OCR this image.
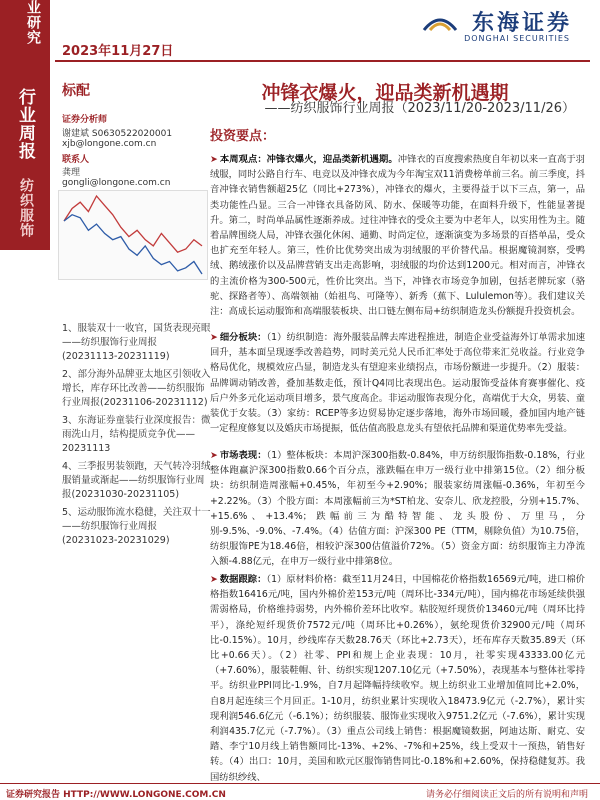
业研究
行业周报
纺织服饰
2023年11月27日
东海证券
DONGHAI SECURITIES
标配	冲锋衣爆火，迎品类新机遇期
——纺织服饰行业周报（2023/11/20-2023/11/26）
证券分析师
谢建斌 S0630522020001
xjb@longone.com.cn
联系人
龚理
gongli@longone.com.cn
1、服装双十一收官，国货表现亮眼——纺织服饰行业周报(20231113-20231119)
2、部分海外品牌亚太地区引领收入增长，库存环比改善——纺织服饰行业周报(20231106-20231112)
3、东海证券童装行业深度报告：微雨洗山月，结构提质竞争优——20231113
4、三季报男装领跑，天气转冷羽绒服销量或渐起——纺织服饰行业周报(20231030-20231105)
5、运动服饰流水稳健，关注双十一——纺织服饰行业周报(20231023-20231029)
投资要点：
➤ 本周观点：冲锋衣爆火，迎品类新机遇期。冲锋衣的百度搜索热度自年初以来一直高于羽绒服，同时公路自行车、电竞以及冲锋衣成为今年淘宝双11消费榜单前三名。前三季度，抖音冲锋衣销售额超25亿（同比+273%），冲锋衣的爆火，主要得益于以下三点，第一，品类功能性凸显。三合一冲锋衣具备防风、防水、保暖等功能，在面料升级下，性能显著提升。第二，时尚单品属性逐渐养成。过往冲锋衣的受众主要为中老年人，以实用性为主。随着品牌围绕人局，冲锋衣强化休闲、通勤、时尚定位，逐渐演变为多场景的百搭单品，受众也扩充至年轻人。第三，性价比优势突出成为羽绒服的平价替代品。根据魔镜洞察，受鸭绒、鹅绒涨价以及品牌营销支出走高影响，羽绒服的均价达到1200元。相对而言，冲锋衣的主流价格为300-500元，性价比突出。当下，冲锋衣市场竞争加剧，包括老牌玩家（骆驼、探路者等）、高端领袖（始祖鸟、可隆等）、新秀（蕉下、Lululemon等）。我们建议关注：高成长运动服饰和高端服装板块、出口链左侧布局+纺织制造龙头份额提升投资机会。
➤ 细分板块：（1）纺织制造：海外服装品牌去库进程推进，制造企业受益海外订单需求加速回升，基本面呈现逐季改善趋势，同时美元兑人民币汇率处于高位带来汇兑收益。行业竞争格局优化，规模效应凸显，制造龙头有望迎来业绩拐点，市场份额进一步提升。（2）服装：品牌调动销改善，叠加基数走低，预计Q4同比表现出色。运动服饰受益体育赛事催化、疫后户外多元化运动项目增多，景气度高企。非运动服饰表现分化，高端优于大众，男装、童装优于女装。（3）家纺：RCEP等多边贸易协定逐步落地，海外市场回暖，叠加国内地产链一定程度修复以及婚庆市场提振，低估值高股息龙头有望依托品牌和渠道优势率先受益。
➤ 市场表现：（1）整体板块：本周沪深300指数-0.84%，申万纺织服饰指数-0.18%，行业整体跑赢沪深300指数0.66个百分点，涨跌幅在申万一级行业中排第15位。（2）细分板块：纺织制造周涨幅+0.45%，年初至今+2.90%；服装家纺周涨幅-0.36%，年初至今+2.22%。（3）个股方面：本周涨幅前三为*ST柏龙、安奈儿、欣龙控股，分别+15.7%、+15.6%、+13.4%；跌幅前三为酷特智能、龙头股份、万里马，分别-9.5%、-9.0%、-7.4%。（4）估值方面：沪深300 PE（TTM，剔除负值）为10.75倍，纺织服饰PE为18.46倍，相较沪深300估值溢价72%。（5）资金方面：纺织服饰主力净流入额-4.88亿元，在申万一级行业中排第8位。
➤ 数据跟踪：（1）原材料价格：截至11月24日，中国棉花价格指数16569元/吨，进口棉价格指数16416元/吨，国内外棉价差153元/吨（周环比-334元/吨），国内棉花市场延续供强需弱格局，价格维持弱势，内外棉价差环比收窄。粘胶短纤现货价13460元/吨（周环比持平），涤纶短纤现货价7572元/吨（周环比+0.26%），氨纶现货价32900元/吨（周环比-0.15%）。10月，纱线库存天数28.76天（环比+2.73天），坯布库存天数35.89天（环比+0.66天）。（2）社零、PPI和规上企业表现：10月，社零实现43333.00亿元（+7.60%），服装鞋帽、针、纺织实现1207.10亿元（+7.50%），表现基本与整体社零持平。纺织业PPI同比-1.9%，自7月起降幅持续收窄。规上纺织业工业增加值同比+2.0%，自8月起连续三个月回正。1-10月，纺织业累计实现收入18473.9亿元（-2.7%），累计实现利润546.6亿元（-6.1%）；纺织服装、服饰业实现收入9751.2亿元（-7.6%），累计实现利润435.7亿元（-7.7%）。（3）重点公司线上销售：根据魔镜数据，阿迪达斯、耐克、安踏、李宁10月线上销售额同比-13%、+2%、-7%和+25%，线上受双十一预热，销售好转。（4）出口：10月，美国和欧元区服饰销售同比-0.18%和+2.60%，保持稳健复苏。我国纺织纱线、
证券研究报告 HTTP://WWW.LONGONE.COM.CN	请务必仔细阅读正文后的所有说明和声明
